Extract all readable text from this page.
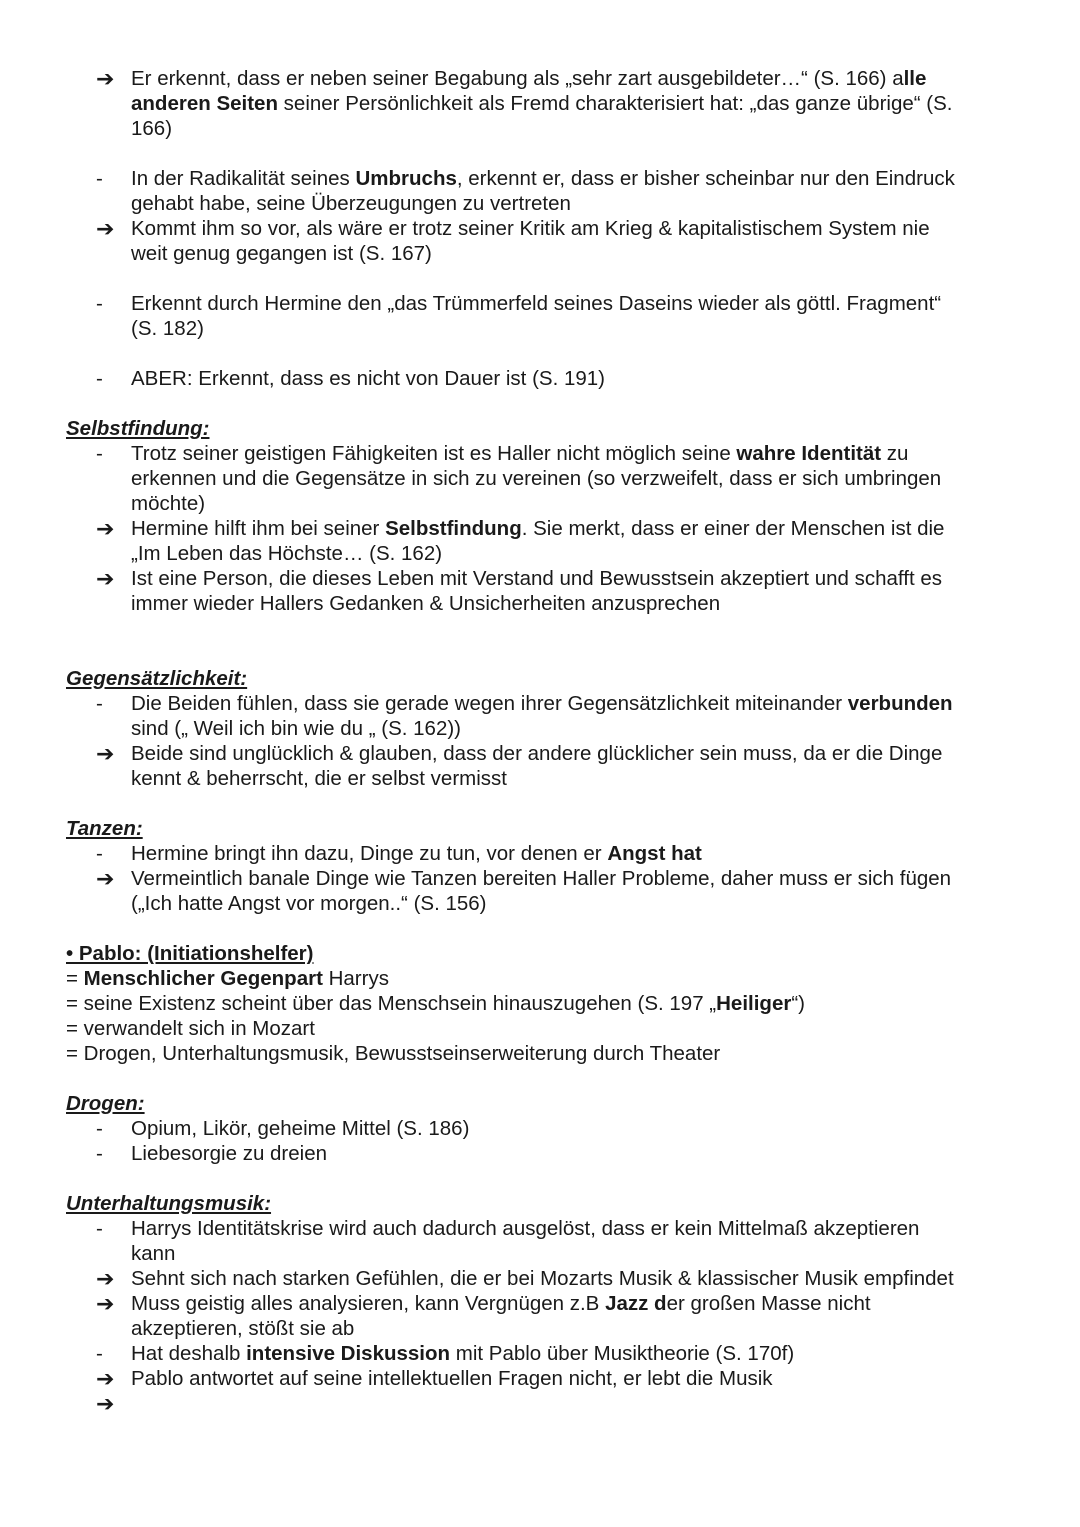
➔ Er erkennt, dass er neben seiner Begabung als „sehr zart ausgebildeter…“ (S. 166) alle
anderen Seiten seiner Persönlichkeit als Fremd charakterisiert hat: „das ganze übrige“ (S.
166)
-	In der Radikalität seines Umbruchs, erkennt er, dass er bisher scheinbar nur den Eindruck
gehabt habe, seine Überzeugungen zu vertreten
➔ Kommt ihm so vor, als wäre er trotz seiner Kritik am Krieg & kapitalistischem System nie
weit genug gegangen ist (S. 167)
-	Erkennt durch Hermine den „das Trümmerfeld seines Daseins wieder als göttl. Fragment“
(S. 182)
-	ABER: Erkennt, dass es nicht von Dauer ist (S. 191)
Selbstfindung:
-	Trotz seiner geistigen Fähigkeiten ist es Haller nicht möglich seine wahre Identität zu
erkennen und die Gegensätze in sich zu vereinen (so verzweifelt, dass er sich umbringen
möchte)
➔ Hermine hilft ihm bei seiner Selbstfindung. Sie merkt, dass er einer der Menschen ist die
„Im Leben das Höchste… (S. 162)
➔ Ist eine Person, die dieses Leben mit Verstand und Bewusstsein akzeptiert und schafft es
immer wieder Hallers Gedanken & Unsicherheiten anzusprechen
Gegensätzlichkeit:
-	Die Beiden fühlen, dass sie gerade wegen ihrer Gegensätzlichkeit miteinander verbunden
sind („ Weil ich bin wie du „ (S. 162))
➔ Beide sind unglücklich & glauben, dass der andere glücklicher sein muss, da er die Dinge
kennt & beherrscht, die er selbst vermisst
Tanzen:
-	Hermine bringt ihn dazu, Dinge zu tun, vor denen er Angst hat
➔ Vermeintlich banale Dinge wie Tanzen bereiten Haller Probleme, daher muss er sich fügen
(„Ich hatte Angst vor morgen..“ (S. 156)
• Pablo: (Initiationshelfer)
= Menschlicher Gegenpart Harrys
= seine Existenz scheint über das Menschsein hinauszugehen (S. 197 „Heiliger“)
= verwandelt sich in Mozart
= Drogen, Unterhaltungsmusik, Bewusstseinserweiterung durch Theater
Drogen:
-	Opium, Likör, geheime Mittel (S. 186)
-	Liebesorgie zu dreien
Unterhaltungsmusik:
-	Harrys Identitätskrise wird auch dadurch ausgelöst, dass er kein Mittelmaß akzeptieren
kann
➔ Sehnt sich nach starken Gefühlen, die er bei Mozarts Musik & klassischer Musik empfindet
➔ Muss geistig alles analysieren, kann Vergnügen z.B Jazz der großen Masse nicht
akzeptieren, stößt sie ab
-	Hat deshalb intensive Diskussion mit Pablo über Musiktheorie (S. 170f)
➔ Pablo antwortet auf seine intellektuellen Fragen nicht, er lebt die Musik
➔
